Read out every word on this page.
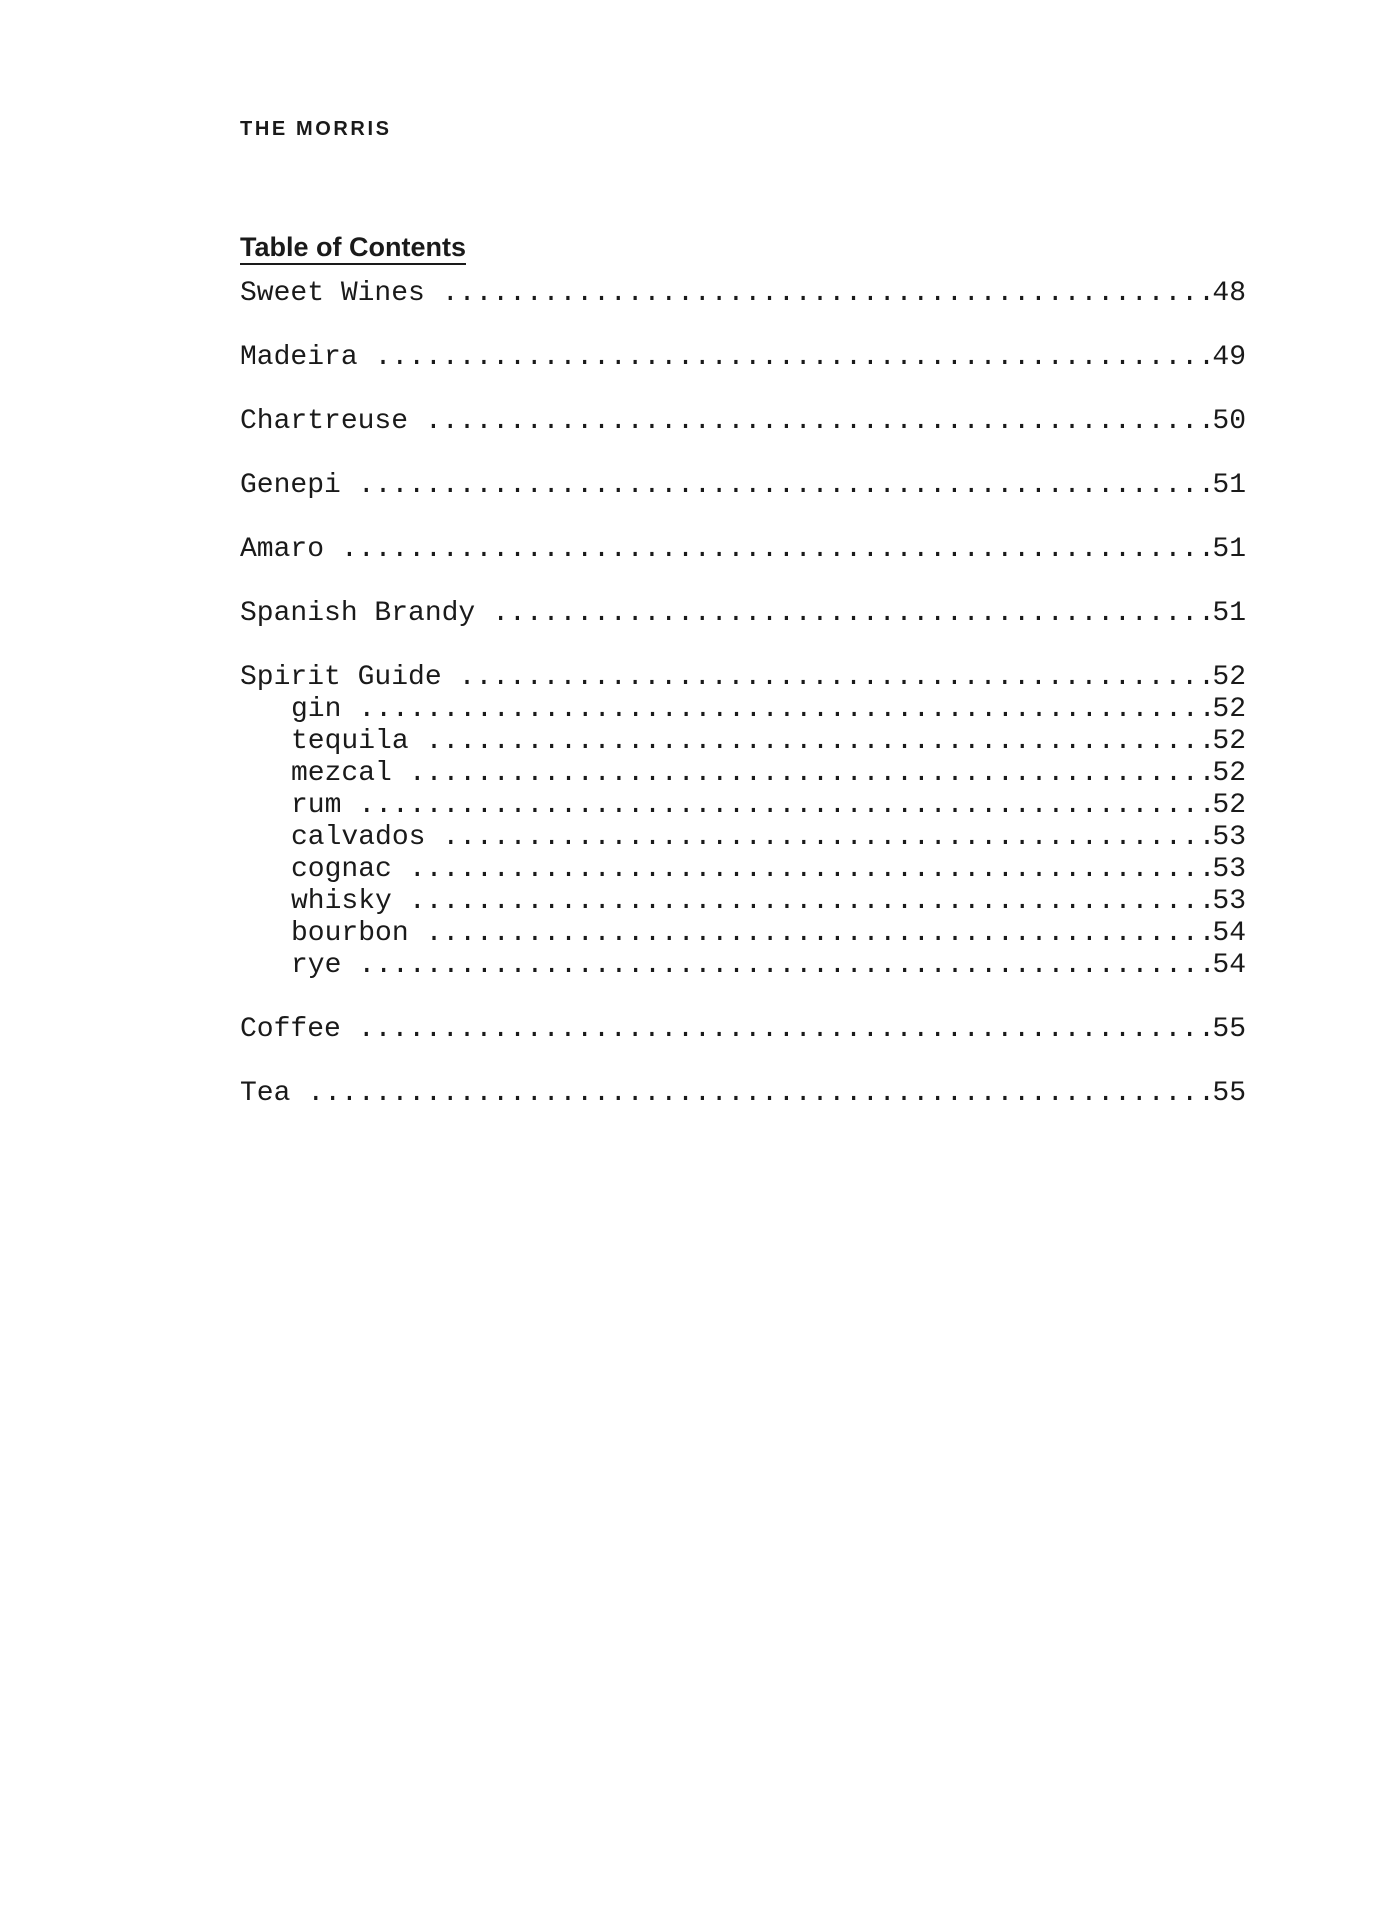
THE MORRIS
Table of Contents
Sweet Wines . . .	48
Madeira . . .	49
Chartreuse . . .	50
Genepi . . .	51
Amaro . . .	51
Spanish Brandy . . .	51
Spirit Guide . . .	52
gin . . .	52
tequila . . .	52
mezcal . . .	52
rum . . .	52
calvados . . .	53
cognac . . .	53
whisky . . .	53
bourbon . . .	54
rye . . .	54
Coffee . . .	55
Tea . . .	55
